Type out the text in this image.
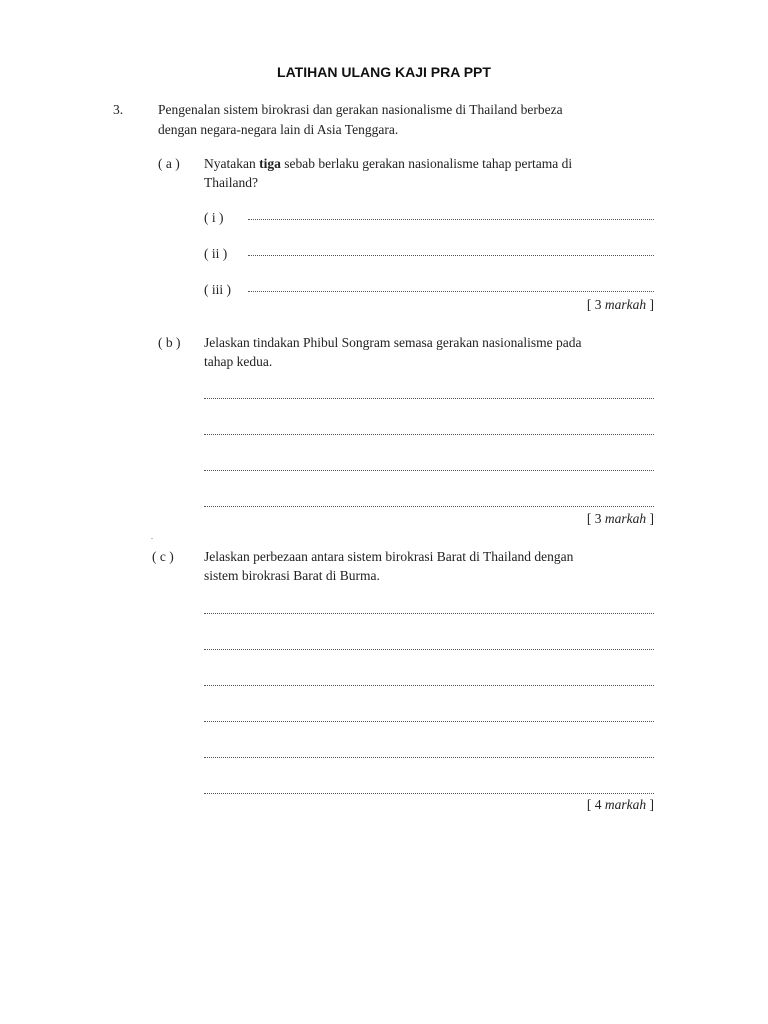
LATIHAN ULANG KAJI PRA PPT
3.	Pengenalan sistem birokrasi dan gerakan nasionalisme di Thailand berbeza
dengan negara-negara lain di Asia Tenggara.
( a ) Nyatakan tiga sebab berlaku gerakan nasionalisme tahap pertama di
Thailand?
( i )
( ii )
( iii )
[ 3 markah ]
( b ) Jelaskan tindakan Phibul Songram semasa gerakan nasionalisme pada
tahap kedua.
[ 3 markah ]
.
( c ) Jelaskan perbezaan antara sistem birokrasi Barat di Thailand dengan
sistem birokrasi Barat di Burma.
[ 4 markah ]
